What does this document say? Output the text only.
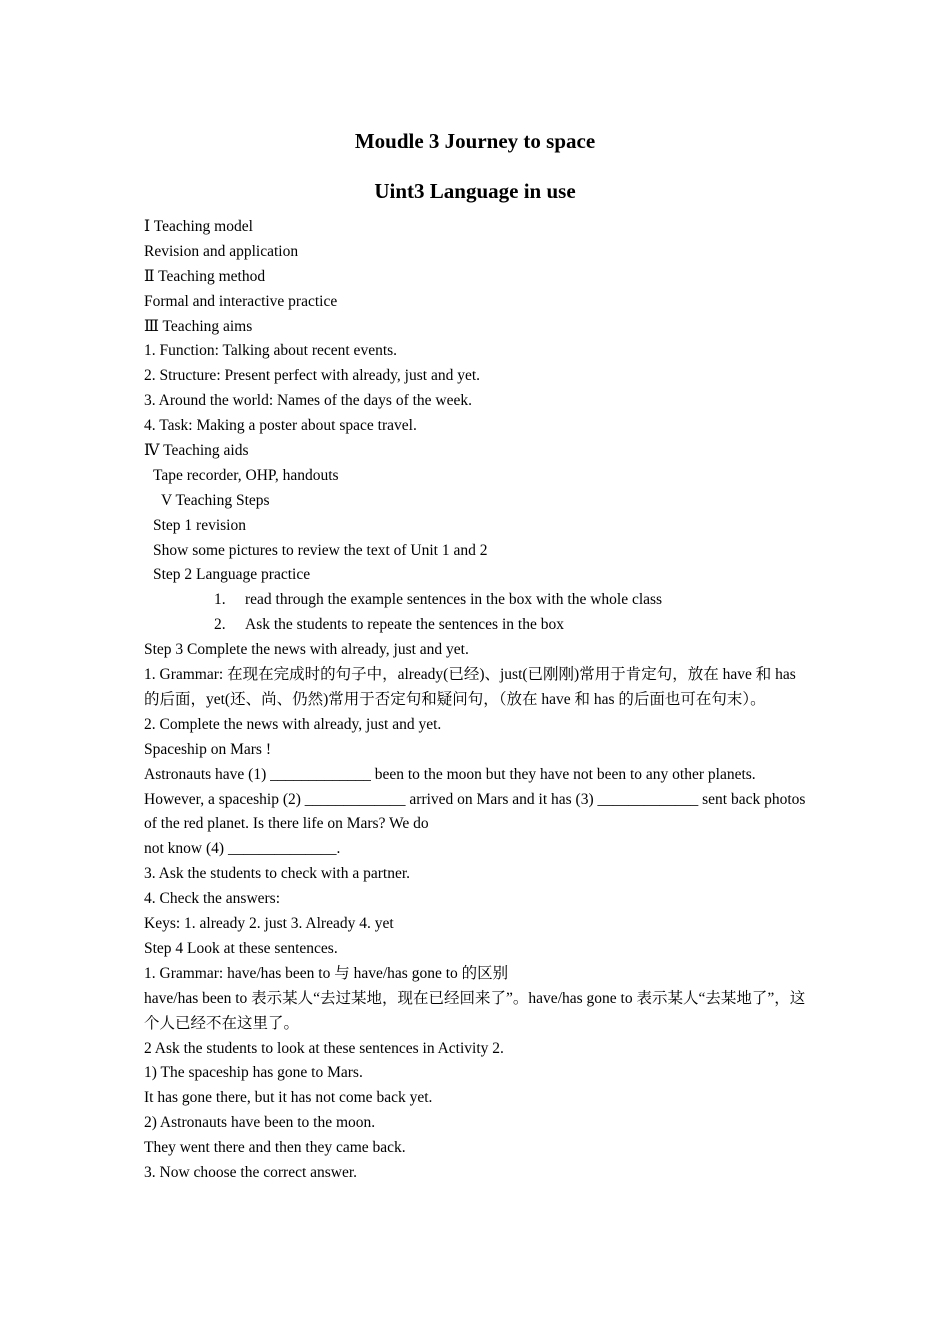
Moudle 3 Journey to space
Uint3 Language in use
Ⅰ Teaching model
Revision and application
Ⅱ Teaching method
Formal and interactive practice
Ⅲ Teaching aims
1. Function: Talking about recent events.
2. Structure: Present perfect with already, just and yet.
3. Around the world: Names of the days of the week.
4. Task: Making a poster about space travel.
Ⅳ Teaching aids
Tape recorder, OHP, handouts
V Teaching Steps
Step 1 revision
Show some pictures to review the text of Unit 1 and 2
Step 2 Language practice
1. read through the example sentences in the box with the whole class
2. Ask the students to repeate the sentences in the box
Step 3 Complete the news with already, just and yet.
1. Grammar: 在现在完成时的句子中，already(已经)、just(已刚刚)常用于肯定句，放在 have 和 has 的后面，yet(还、尚、仍然)常用于否定句和疑问句，（放在 have 和 has 的后面也可在句末）。
2. Complete the news with already, just and yet.
Spaceship on Mars !
Astronauts have (1) _____________ been to the moon but they have not been to any other planets. However, a spaceship (2) _____________ arrived on Mars and it has (3) _____________ sent back photos of the red planet. Is there life on Mars? We do
not know (4) ______________.
3. Ask the students to check with a partner.
4. Check the answers:
Keys: 1. already 2. just 3. Already 4. yet
Step 4 Look at these sentences.
1. Grammar: have/has been to 与 have/has gone to 的区别
have/has been to 表示某人“去过某地，现在已经回来了”。have/has gone to 表示某人“去某地了”，这个人已经不在这里了。
2 Ask the students to look at these sentences in Activity 2.
1) The spaceship has gone to Mars.
It has gone there, but it has not come back yet.
2) Astronauts have been to the moon.
They went there and then they came back.
3. Now choose the correct answer.
